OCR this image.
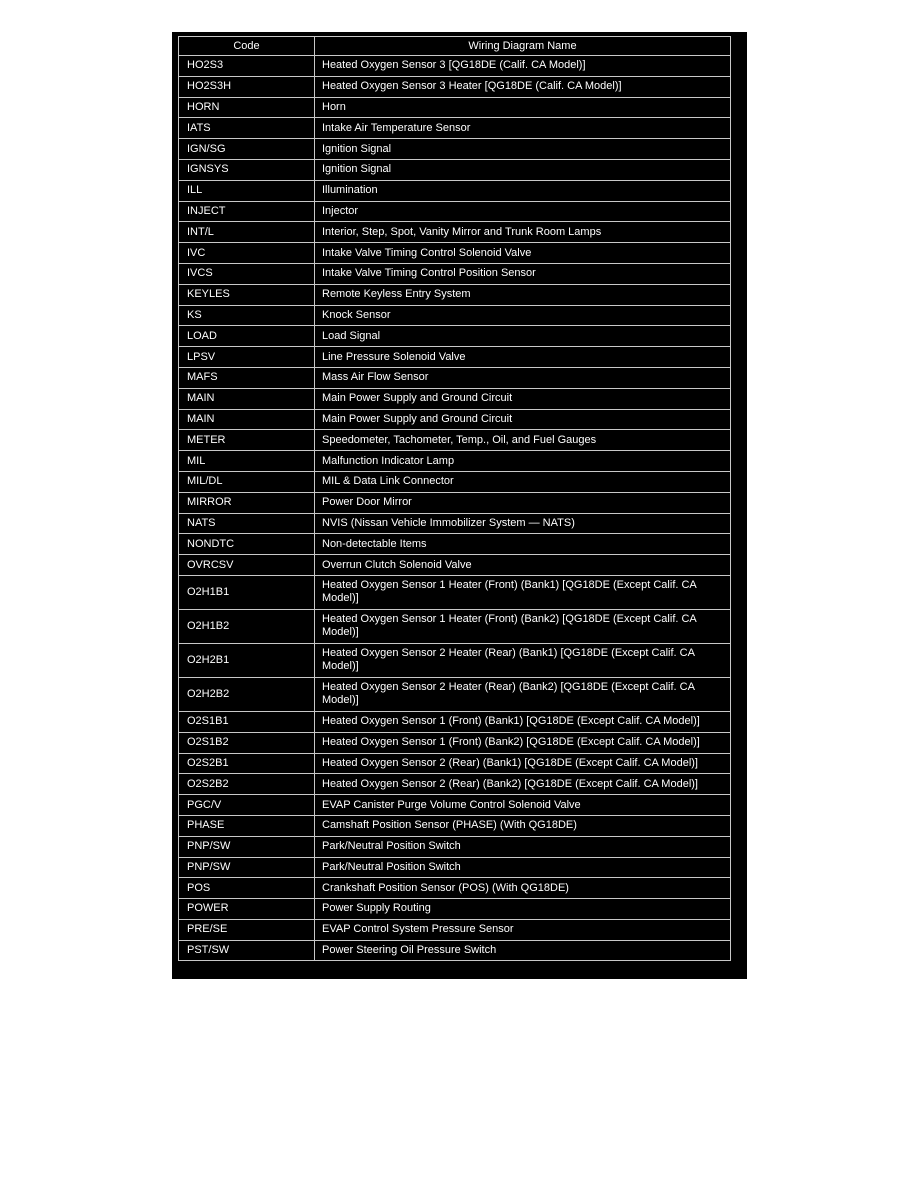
Code	Wiring Diagram Name
HO2S3	Heated Oxygen Sensor 3 [QG18DE (Calif. CA Model)]
HO2S3H	Heated Oxygen Sensor 3 Heater [QG18DE (Calif. CA Model)]
HORN	Horn
IATS	Intake Air Temperature Sensor
IGN/SG	Ignition Signal
IGNSYS	Ignition Signal
ILL	Illumination
INJECT	Injector
INT/L	Interior, Step, Spot, Vanity Mirror and Trunk Room Lamps
IVC	Intake Valve Timing Control Solenoid Valve
IVCS	Intake Valve Timing Control Position Sensor
KEYLES	Remote Keyless Entry System
KS	Knock Sensor
LOAD	Load Signal
LPSV	Line Pressure Solenoid Valve
MAFS	Mass Air Flow Sensor
MAIN	Main Power Supply and Ground Circuit
MAIN	Main Power Supply and Ground Circuit
METER	Speedometer, Tachometer, Temp., Oil, and Fuel Gauges
MIL	Malfunction Indicator Lamp
MIL/DL	MIL & Data Link Connector
MIRROR	Power Door Mirror
NATS	NVIS (Nissan Vehicle Immobilizer System — NATS)
NONDTC	Non-detectable Items
OVRCSV	Overrun Clutch Solenoid Valve
O2H1B1	Heated Oxygen Sensor 1 Heater (Front) (Bank1) [QG18DE (Except Calif. CA Model)]
O2H1B2	Heated Oxygen Sensor 1 Heater (Front) (Bank2) [QG18DE (Except Calif. CA Model)]
O2H2B1	Heated Oxygen Sensor 2 Heater (Rear) (Bank1) [QG18DE (Except Calif. CA Model)]
O2H2B2	Heated Oxygen Sensor 2 Heater (Rear) (Bank2) [QG18DE (Except Calif. CA Model)]
O2S1B1	Heated Oxygen Sensor 1 (Front) (Bank1) [QG18DE (Except Calif. CA Model)]
O2S1B2	Heated Oxygen Sensor 1 (Front) (Bank2) [QG18DE (Except Calif. CA Model)]
O2S2B1	Heated Oxygen Sensor 2 (Rear) (Bank1) [QG18DE (Except Calif. CA Model)]
O2S2B2	Heated Oxygen Sensor 2 (Rear) (Bank2) [QG18DE (Except Calif. CA Model)]
PGC/V	EVAP Canister Purge Volume Control Solenoid Valve
PHASE	Camshaft Position Sensor (PHASE) (With QG18DE)
PNP/SW	Park/Neutral Position Switch
PNP/SW	Park/Neutral Position Switch
POS	Crankshaft Position Sensor (POS) (With QG18DE)
POWER	Power Supply Routing
PRE/SE	EVAP Control System Pressure Sensor
PST/SW	Power Steering Oil Pressure Switch
